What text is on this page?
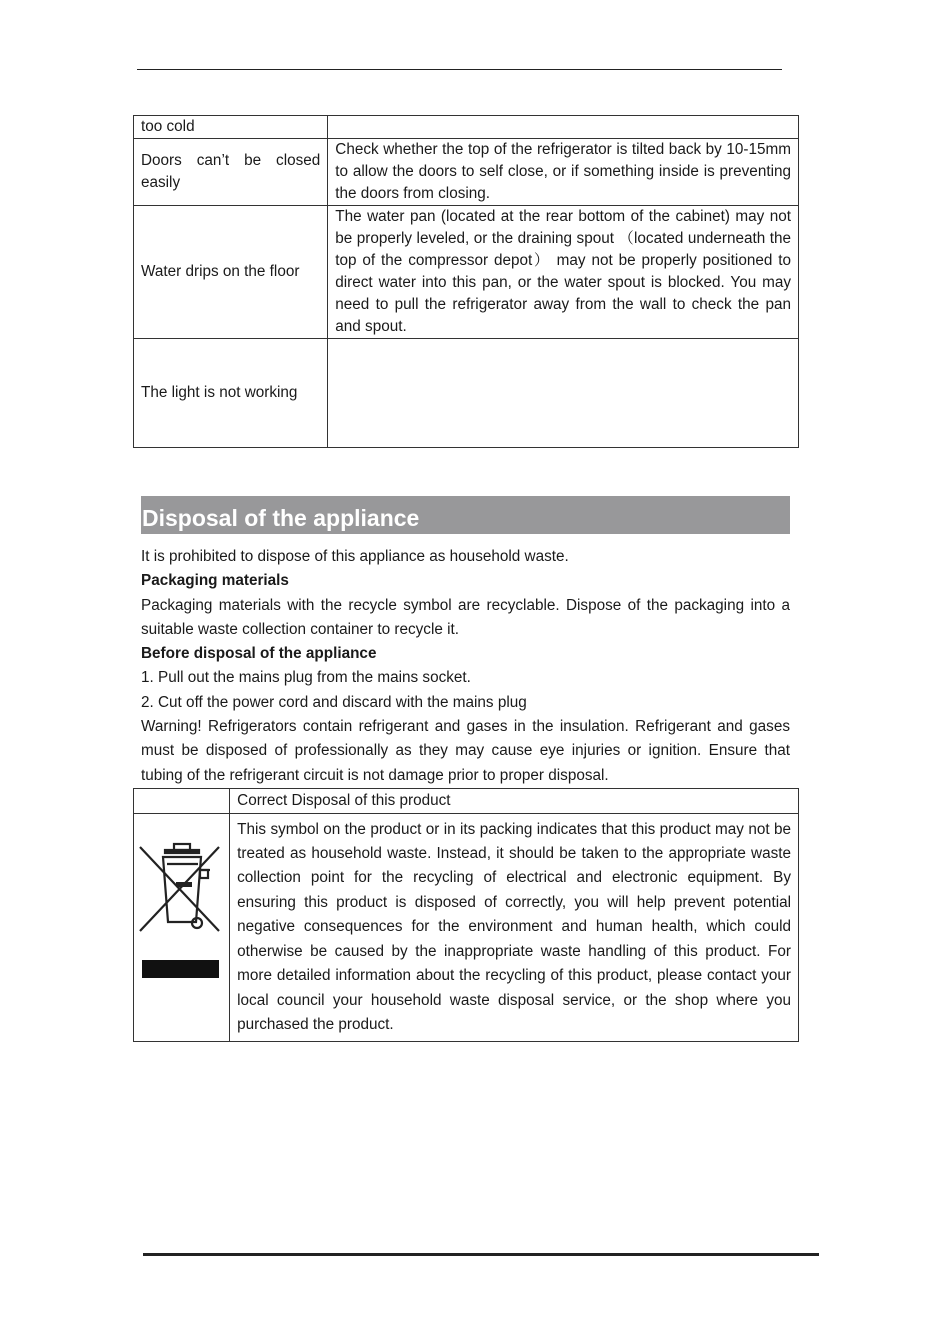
too cold	
Doors can’t be closed easily	Check whether the top of the refrigerator is tilted back by 10-15mm to allow the doors to self close, or if something inside is preventing the doors from closing.
Water drips on the floor	The water pan (located at the rear bottom of the cabinet) may not be properly leveled, or the draining spout （located underneath the top of the compressor depot） may not be properly positioned to direct water into this pan, or the water spout is blocked. You may need to pull the refrigerator away from the wall to check the pan and spout.
The light is not working	
Disposal of the appliance

It is prohibited to dispose of this appliance as household waste.

Packaging materials

Packaging materials with the recycle symbol are recyclable. Dispose of the packaging into a suitable waste collection container to recycle it.

Before disposal of the appliance

1. Pull out the mains plug from the mains socket.

2. Cut off the power cord and discard with the mains plug

Warning! Refrigerators contain refrigerant and gases in the insulation. Refrigerant and gases must be disposed of professionally as they may cause eye injuries or ignition. Ensure that tubing of the refrigerant circuit is not damage prior to proper disposal.

	Correct Disposal of this product
	This symbol on the product or in its packing indicates that this product may not be treated as household waste. Instead, it should be taken to the appropriate waste collection point for the recycling of electrical and electronic equipment. By ensuring this product is disposed of correctly, you will help prevent potential negative consequences for the environment and human health, which could otherwise be caused by the inappropriate waste handling of this product. For more detailed information about the recycling of this product, please contact your local council your household waste disposal service, or the shop where you purchased the product.
